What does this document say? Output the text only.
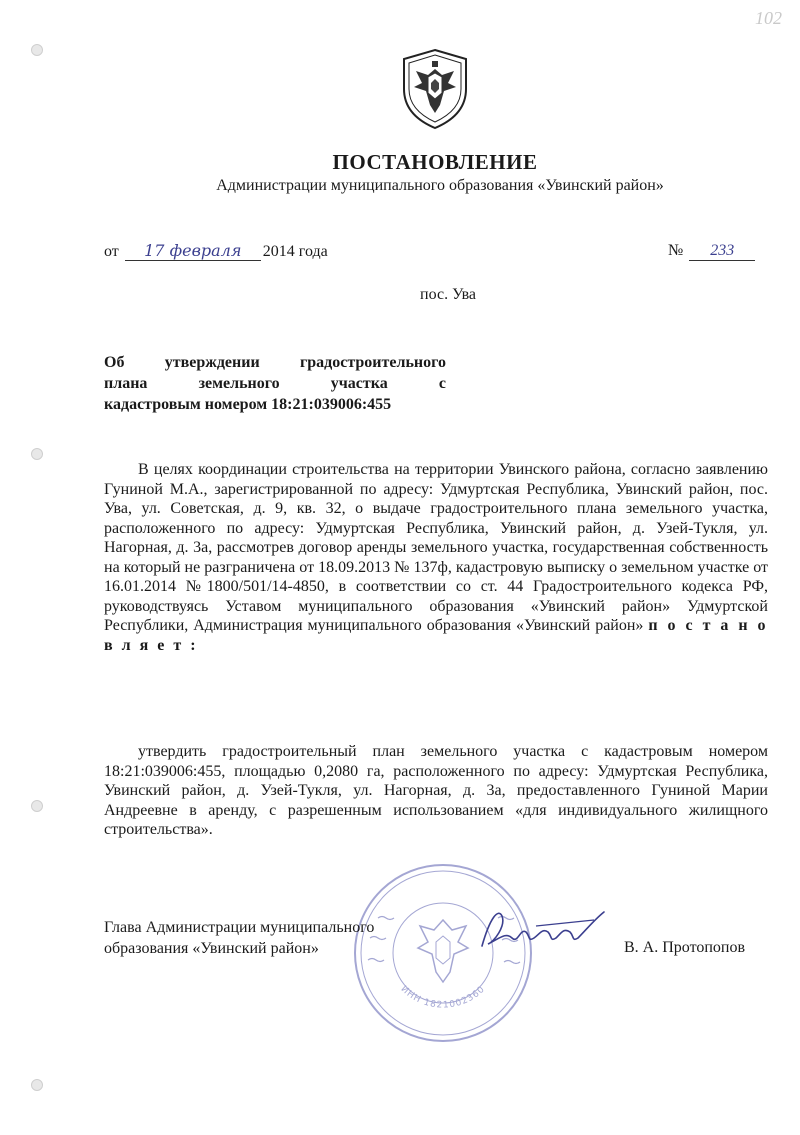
102
ПОСТАНОВЛЕНИЕ
Администрации муниципального образования «Увинский район»
от 17 февраля 2014 года	№ 233
пос. Ува
Об утверждении градостроительного
плана земельного участка с
кадастровым номером 18:21:039006:455
В целях координации строительства на территории Увинского района, согласно заявлению Гуниной М.А., зарегистрированной по адресу: Удмуртская Республика, Увинский район, пос. Ува, ул. Советская, д. 9, кв. 32, о выдаче градостроительного плана земельного участка, расположенного по адресу: Удмуртская Республика, Увинский район, д. Узей-Тукля, ул. Нагорная, д. 3а, рассмотрев договор аренды земельного участка, государственная собственность на который не разграничена от 18.09.2013 № 137ф, кадастровую выписку о земельном участке от 16.01.2014 №1800/501/14-4850, в соответствии со ст. 44 Градостроительного кодекса РФ, руководствуясь Уставом муниципального образования «Увинский район» Удмуртской Республики, Администрация муниципального образования «Увинский район» п о с т а н о в л я е т :
утвердить градостроительный план земельного участка с кадастровым номером 18:21:039006:455, площадью 0,2080 га, расположенного по адресу: Удмуртская Республика, Увинский район, д. Узей-Тукля, ул. Нагорная, д. 3а, предоставленного Гуниной Марии Андреевне в аренду, с разрешенным использованием «для индивидуального жилищного строительства».
ИНН 1821002360
Глава Администрации муниципального
образования «Увинский район»	В. А. Протопопов
